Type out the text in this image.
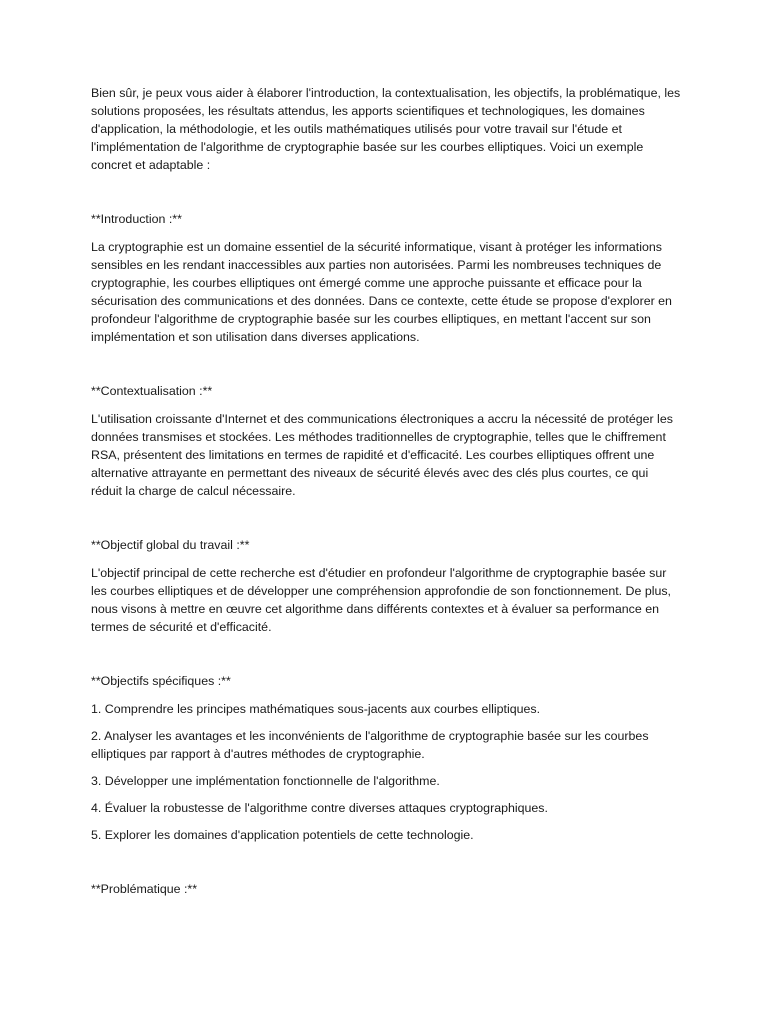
Bien sûr, je peux vous aider à élaborer l'introduction, la contextualisation, les objectifs, la problématique, les solutions proposées, les résultats attendus, les apports scientifiques et technologiques, les domaines d'application, la méthodologie, et les outils mathématiques utilisés pour votre travail sur l'étude et l'implémentation de l'algorithme de cryptographie basée sur les courbes elliptiques. Voici un exemple concret et adaptable :

**Introduction :**

La cryptographie est un domaine essentiel de la sécurité informatique, visant à protéger les informations sensibles en les rendant inaccessibles aux parties non autorisées. Parmi les nombreuses techniques de cryptographie, les courbes elliptiques ont émergé comme une approche puissante et efficace pour la sécurisation des communications et des données. Dans ce contexte, cette étude se propose d'explorer en profondeur l'algorithme de cryptographie basée sur les courbes elliptiques, en mettant l'accent sur son implémentation et son utilisation dans diverses applications.

**Contextualisation :**

L'utilisation croissante d'Internet et des communications électroniques a accru la nécessité de protéger les données transmises et stockées. Les méthodes traditionnelles de cryptographie, telles que le chiffrement RSA, présentent des limitations en termes de rapidité et d'efficacité. Les courbes elliptiques offrent une alternative attrayante en permettant des niveaux de sécurité élevés avec des clés plus courtes, ce qui réduit la charge de calcul nécessaire.

**Objectif global du travail :**

L'objectif principal de cette recherche est d'étudier en profondeur l'algorithme de cryptographie basée sur les courbes elliptiques et de développer une compréhension approfondie de son fonctionnement. De plus, nous visons à mettre en œuvre cet algorithme dans différents contextes et à évaluer sa performance en termes de sécurité et d'efficacité.

**Objectifs spécifiques :**

1. Comprendre les principes mathématiques sous-jacents aux courbes elliptiques.

2. Analyser les avantages et les inconvénients de l'algorithme de cryptographie basée sur les courbes elliptiques par rapport à d'autres méthodes de cryptographie.

3. Développer une implémentation fonctionnelle de l'algorithme.

4. Évaluer la robustesse de l'algorithme contre diverses attaques cryptographiques.

5. Explorer les domaines d'application potentiels de cette technologie.

**Problématique :**
